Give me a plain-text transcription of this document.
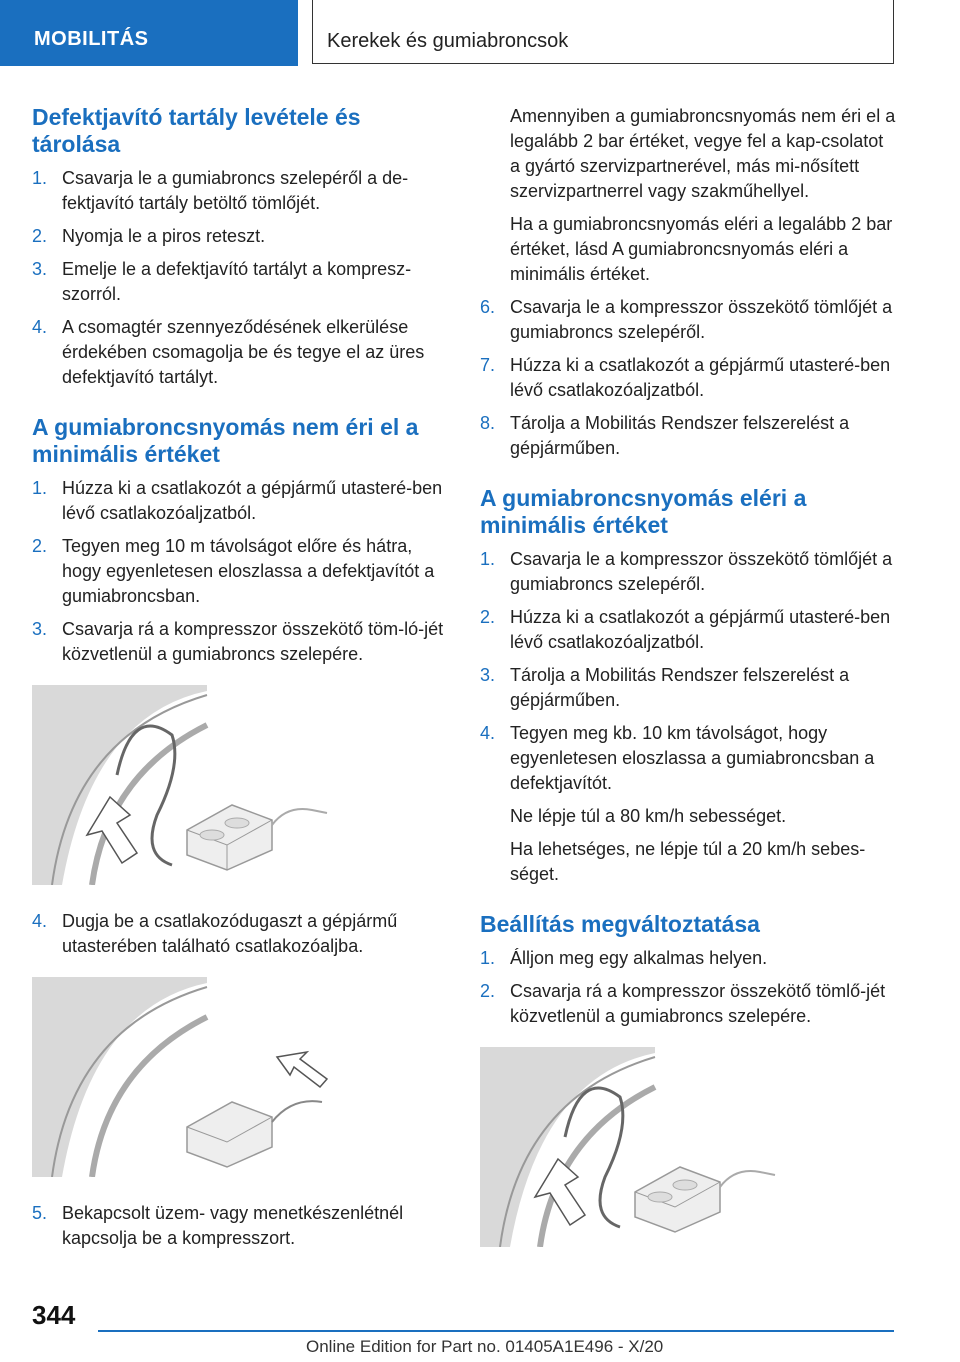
MOBILITÁS	Kerekek és gumiabroncsok
Defektjavító tartály levétele és tárolása
1. Csavarja le a gumiabroncs szelepéről a de-fektjavító tartály betöltő tömlőjét.
2. Nyomja le a piros reteszt.
3. Emelje le a defektjavító tartályt a kompresz-szorról.
4. A csomagtér szennyeződésének elkerülése érdekében csomagolja be és tegye el az üres defektjavító tartályt.
A gumiabroncsnyomás nem éri el a minimális értéket
1. Húzza ki a csatlakozót a gépjármű utasteré-ben lévő csatlakozóaljzatból.
2. Tegyen meg 10 m távolságot előre és hátra, hogy egyenletesen eloszlassa a defektjavítót a gumiabroncsban.
3. Csavarja rá a kompresszor összekötő töm-ló-jét közvetlenül a gumiabroncs szelepére.
4. Dugja be a csatlakozódugaszt a gépjármű utasterében található csatlakozóaljba.
5. Bekapcsolt üzem- vagy menetkészenlétnél kapcsolja be a kompresszort.

Amennyiben a gumiabroncsnyomás nem éri el a legalább 2 bar értéket, vegye fel a kap-csolatot a gyártó szervizpartnerével, más mi-nősített szervizpartnerrel vagy szakműhellyel.

Ha a gumiabroncsnyomás eléri a legalább 2 bar értéket, lásd A gumiabroncsnyomás eléri a minimális értéket.

6. Csavarja le a kompresszor összekötő tömlőjét a gumiabroncs szelepéről.
7. Húzza ki a csatlakozót a gépjármű utasteré-ben lévő csatlakozóaljzatból.
8. Tárolja a Mobilitás Rendszer felszerelést a gépjárműben.
A gumiabroncsnyomás eléri a minimális értéket
1. Csavarja le a kompresszor összekötő tömlőjét a gumiabroncs szelepéről.
2. Húzza ki a csatlakozót a gépjármű utasteré-ben lévő csatlakozóaljzatból.
3. Tárolja a Mobilitás Rendszer felszerelést a gépjárműben.
4. Tegyen meg kb. 10 km távolságot, hogy egyenletesen eloszlassa a gumiabroncsban a defektjavítót.

Ne lépje túl a 80 km/h sebességet.

Ha lehetséges, ne lépje túl a 20 km/h sebes-séget.

Beállítás megváltoztatása
1. Álljon meg egy alkalmas helyen.
2. Csavarja rá a kompresszor összekötő tömlő-jét közvetlenül a gumiabroncs szelepére.
344
Online Edition for Part no. 01405A1E496 - X/20
